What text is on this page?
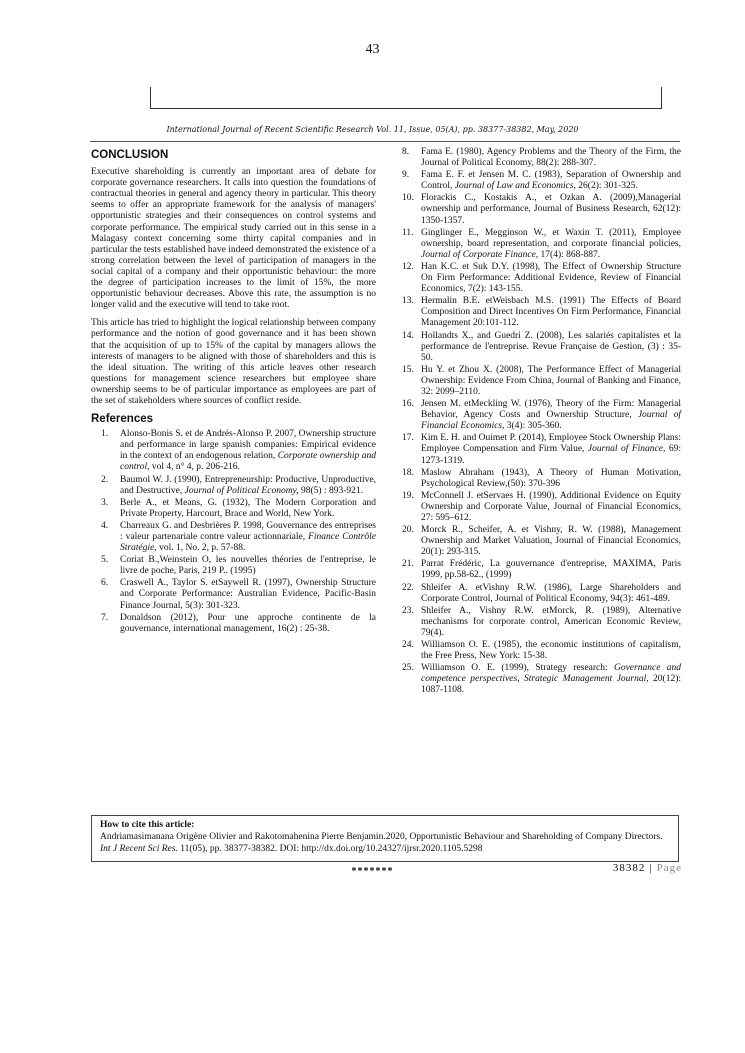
43
International Journal of Recent Scientific Research Vol. 11, Issue, 05(A), pp. 38377-38382, May, 2020
CONCLUSION

Executive shareholding is currently an important area of debate for corporate governance researchers. It calls into question the foundations of contractual theories in general and agency theory in particular. This theory seems to offer an appropriate framework for the analysis of managers' opportunistic strategies and their consequences on control systems and corporate performance. The empirical study carried out in this sense in a Malagasy context concerning some thirty capital companies and in particular the tests established have indeed demonstrated the existence of a strong correlation between the level of participation of managers in the social capital of a company and their opportunistic behaviour: the more the degree of participation increases to the limit of 15%, the more opportunistic behaviour decreases. Above this rate, the assumption is no longer valid and the executive will tend to take root.

This article has tried to highlight the logical relationship between company performance and the notion of good governance and it has been shown that the acquisition of up to 15% of the capital by managers allows the interests of managers to be aligned with those of shareholders and this is the ideal situation. The writing of this article leaves other research questions for management science researchers but employee share ownership seems to be of particular importance as employees are part of the set of stakeholders where sources of conflict reside.

References
1. Alonso-Bonis S. et de Andrés-Alonso P. 2007, Ownership structure and performance in large spanish companies: Empirical evidence in the context of an endogenous relation, Corporate ownership and control, vol 4, n° 4, p. 206-216.
2. Baumol W. J. (1990), Entrepreneurship: Productive, Unproductive, and Destructive, Journal of Political Economy, 98(5) : 893-921.
3. Berle A., et Means, G. (1932), The Modern Corporation and Private Property, Harcourt, Brace and World, New York.
4. Charreaux G. and Desbrières P. 1998, Gouvernance des entreprises : valeur partenariale contre valeur actionnariale, Finance Contrôle Stratégie, vol. 1, No. 2, p. 57-88.
5. Coriat B.,Weinstein O, les nouvelles théories de l'entreprise, le livre de poche, Paris, 219 P.. (1995)
6. Craswell A., Taylor S. etSaywell R. (1997), Ownership Structure and Corporate Performance: Australian Evidence, Pacific-Basin Finance Journal, 5(3): 301-323.
7. Donaldson (2012), Pour une approche continente de la gouvernance, international management, 16(2) : 25-38.
8. Fama E. (1980), Agency Problems and the Theory of the Firm, the Journal of Political Economy, 88(2): 288-307.
9. Fama E. F. et Jensen M. C. (1983), Separation of Ownership and Control, Journal of Law and Economics, 26(2): 301-325.
10. Florackis C., Kostakis A., et Ozkan A. (2009),Managerial ownership and performance, Journal of Business Research, 62(12): 1350-1357.
11. Ginglinger E., Megginson W., et Waxin T. (2011), Employee ownership, board representation, and corporate financial policies, Journal of Corporate Finance, 17(4): 868-887.
12. Han K.C. et Suk D.Y. (1998), The Effect of Ownership Structure On Firm Performance: Additional Evidence, Review of Financial Economics, 7(2): 143-155.
13. Hermalin B.E. etWeisbach M.S. (1991) The Effects of Board Composition and Direct Incentives On Firm Performance, Financial Management 20:101-112.
14. Hollandts X., and Guedri Z. (2008), Les salariés capitalistes et la performance de l'entreprise. Revue Française de Gestion, (3) : 35-50.
15. Hu Y. et Zhou X. (2008), The Performance Effect of Managerial Ownership: Evidence From China, Journal of Banking and Finance, 32: 2099–2110.
16. Jensen M. etMeckling W. (1976), Theory of the Firm: Managerial Behavior, Agency Costs and Ownership Structure, Journal of Financial Economics, 3(4): 305-360.
17. Kim E. H. and Ouimet P. (2014), Employee Stock Ownership Plans: Employee Compensation and Firm Value, Journal of Finance, 69: 1273-1319.
18. Maslow Abraham (1943), A Theory of Human Motivation, Psychological Review,(50): 370-396
19. McConnell J. etServaes H. (1990), Additional Evidence on Equity Ownership and Corporate Value, Journal of Financial Economics, 27: 595–612.
20. Morck R., Scheifer, A. et Vishny, R. W. (1988), Management Ownership and Market Valuation, Journal of Financial Economics, 20(1): 293-315.
21. Parrat Frédéric, La gouvernance d'entreprise, MAXIMA, Paris 1999, pp.58-62., (1999)
22. Shleifer A. etVishny R.W. (1986), Large Shareholders and Corporate Control, Journal of Political Economy, 94(3): 461-489.
23. Shleifer A., Vishny R.W. etMorck, R. (1989), Alternative mechanisms for corporate control, American Economic Review, 79(4).
24. Williamson O. E. (1985), the economic institutions of capitalism, the Free Press, New York: 15-38.
25. Williamson O. E. (1999), Strategy research: Governance and competence perspectives, Strategic Management Journal, 20(12): 1087-1108.
How to cite this article:
Andriamasimanana Origène Olivier and Rakotomahenina Pierre Benjamin.2020, Opportunistic Behaviour and Shareholding of Company Directors. Int J Recent Sci Res. 11(05), pp. 38377-38382. DOI: http://dx.doi.org/10.24327/ijrsr.2020.1105.5298
*******	38382 | Page
